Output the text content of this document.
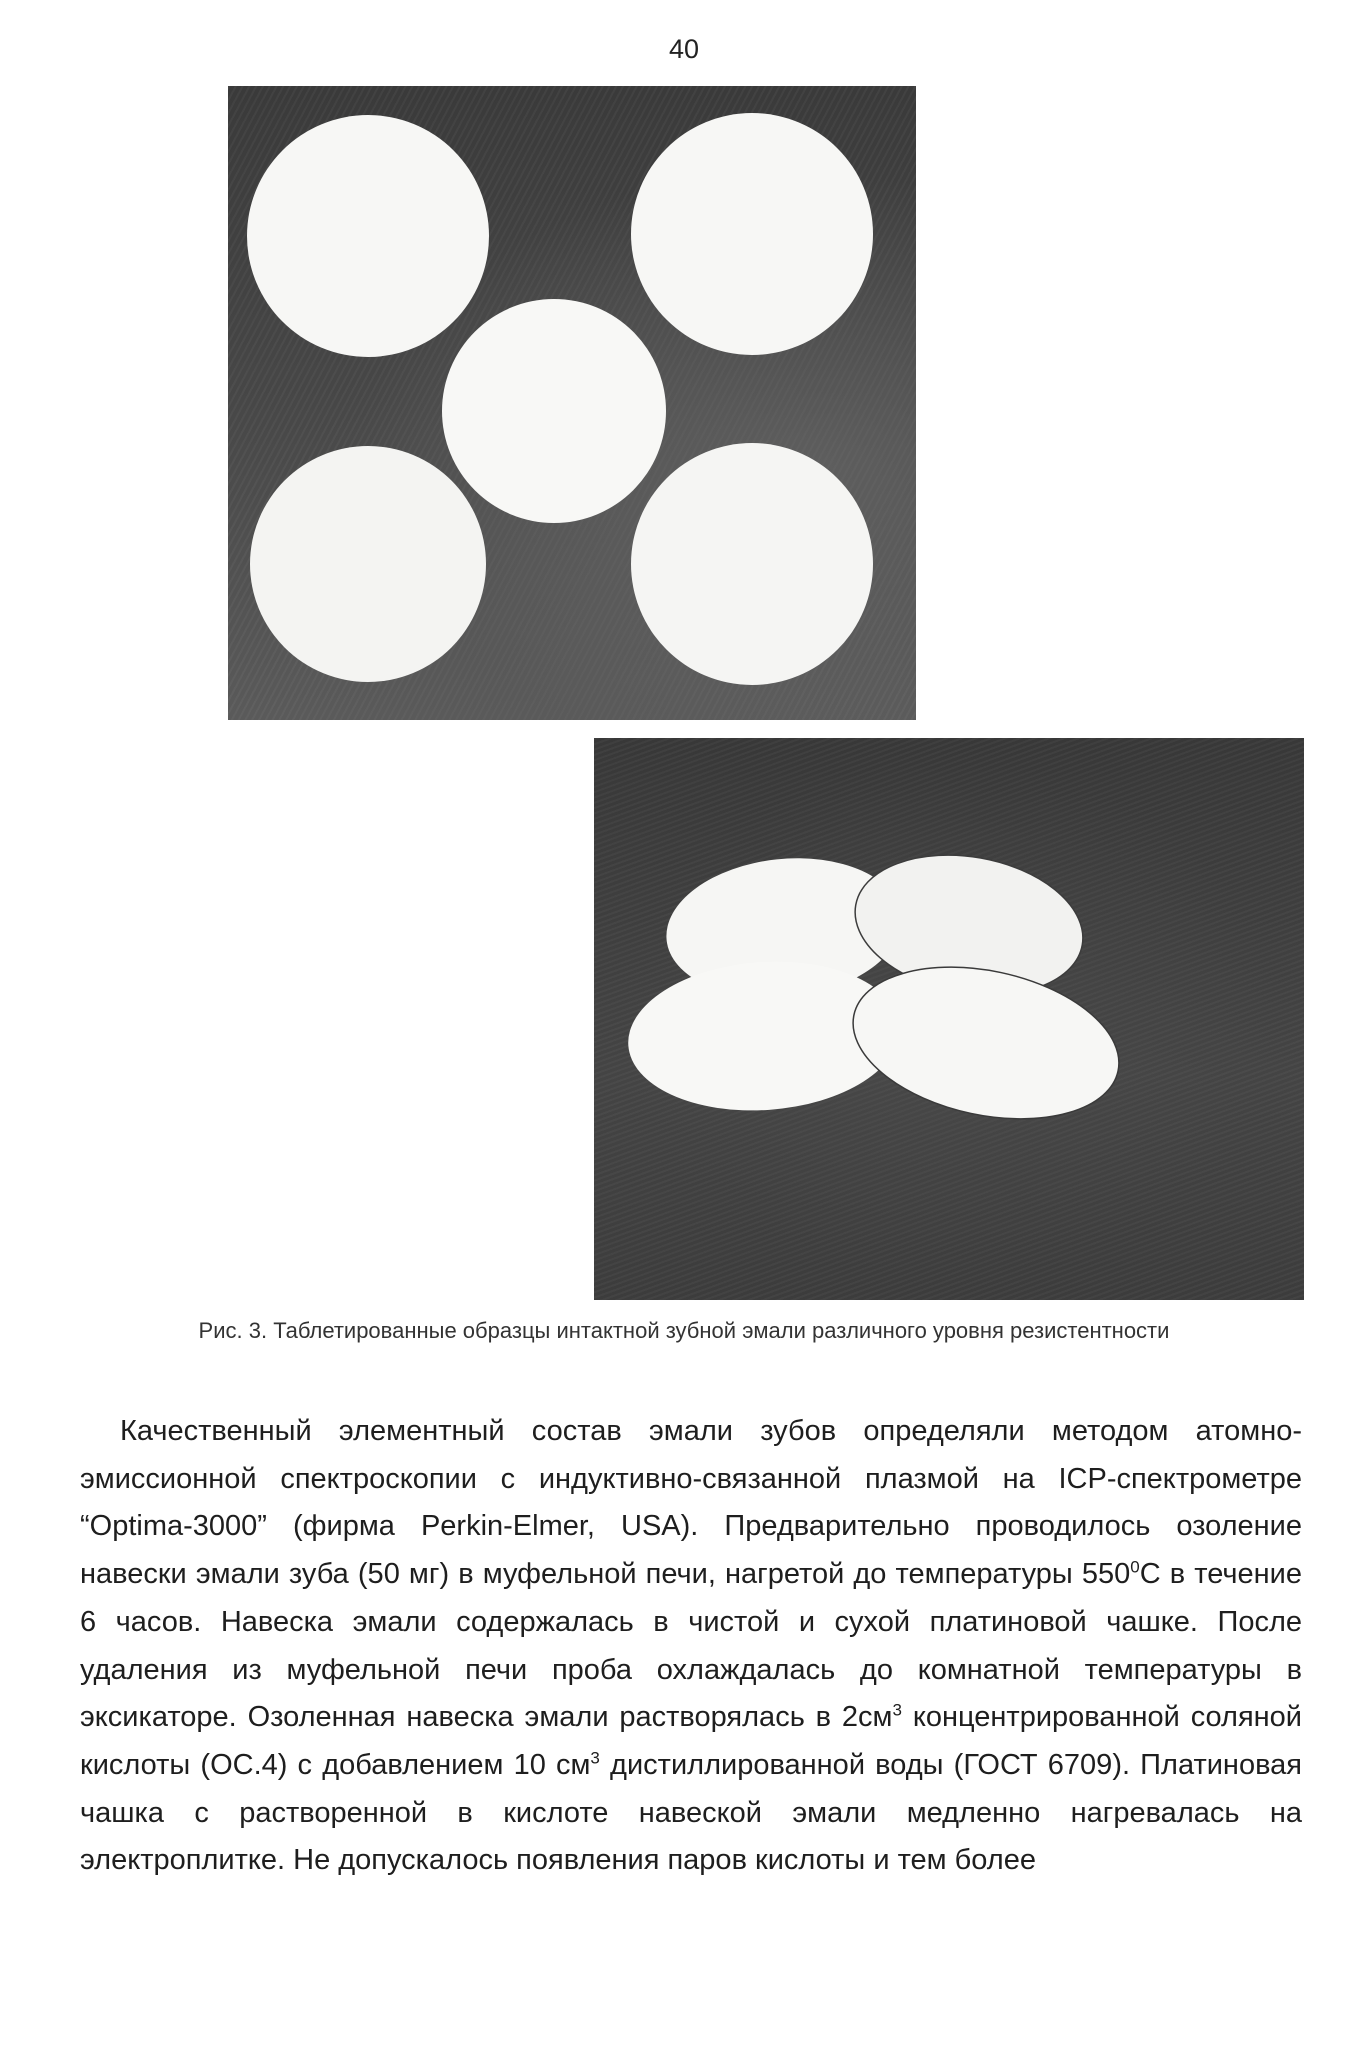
40
Рис. 3. Таблетированные образцы интактной зубной эмали различного уровня резистентности

Качественный элементный состав эмали зубов определяли методом атомно-эмиссионной спектроскопии с индуктивно-связанной плазмой на ICP-спектрометре “Optima-3000” (фирма Perkin-Elmer, USA). Предварительно проводилось озоление навески эмали зуба (50 мг) в муфельной печи, нагретой до температуры $550^0С$ в течение 6 часов. Навеска эмали содержалась в чистой и сухой платиновой чашке. После удаления из муфельной печи проба охлаждалась до комнатной температуры в эксикаторе. Озоленная навеска эмали растворялась в $2см^3$ концентрированной соляной кислоты (ОС.4) с добавлением 10 $см^3$ дистиллированной воды (ГОСТ 6709). Платиновая чашка с растворенной в кислоте навеской эмали медленно нагревалась на электроплитке. Не допускалось появления паров кислоты и тем более
